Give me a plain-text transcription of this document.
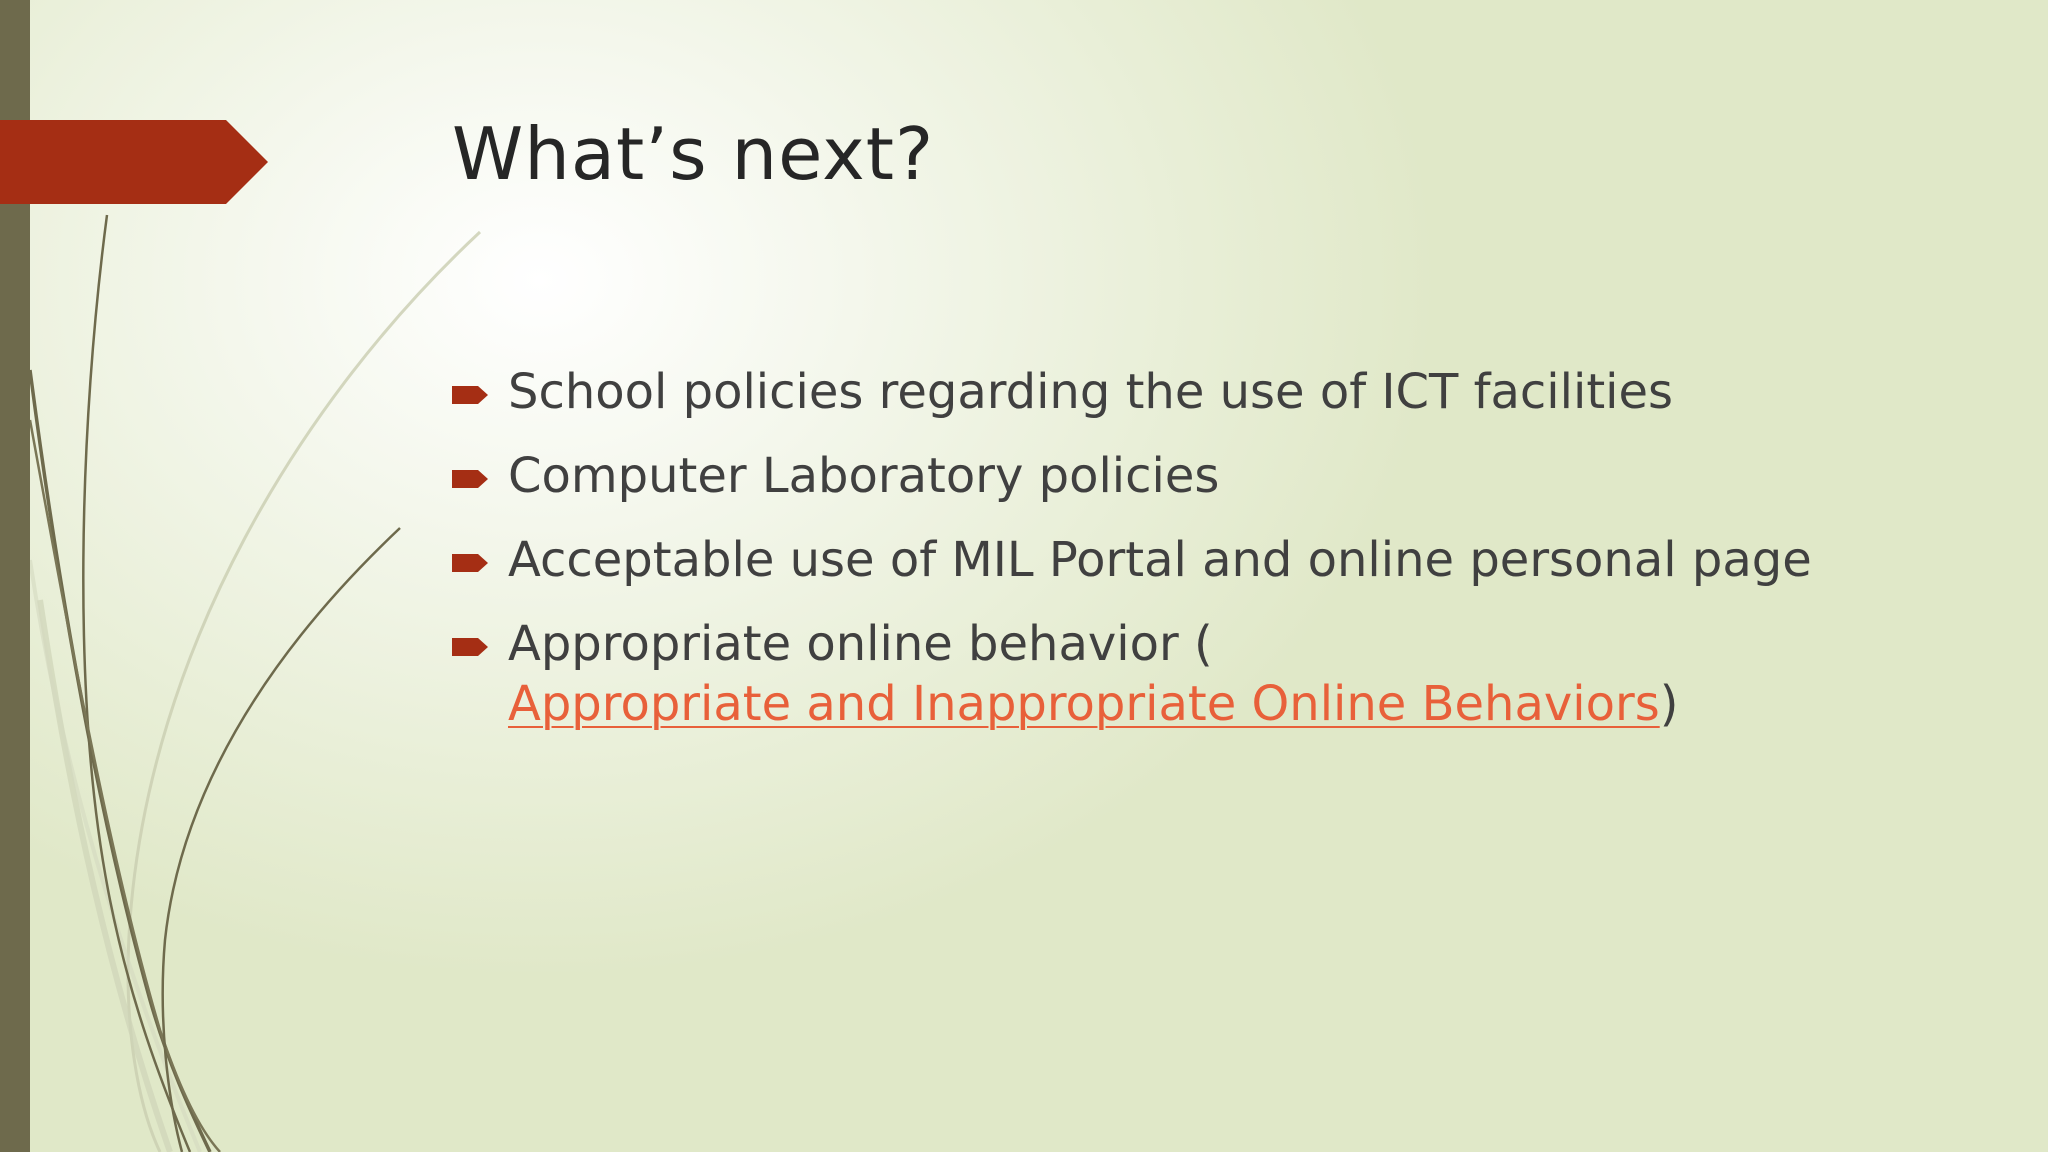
What’s next?
School policies regarding the use of ICT facilities
Computer Laboratory policies
Acceptable use of MIL Portal and online personal page
Appropriate online behavior (
Appropriate and Inappropriate Online Behaviors)
